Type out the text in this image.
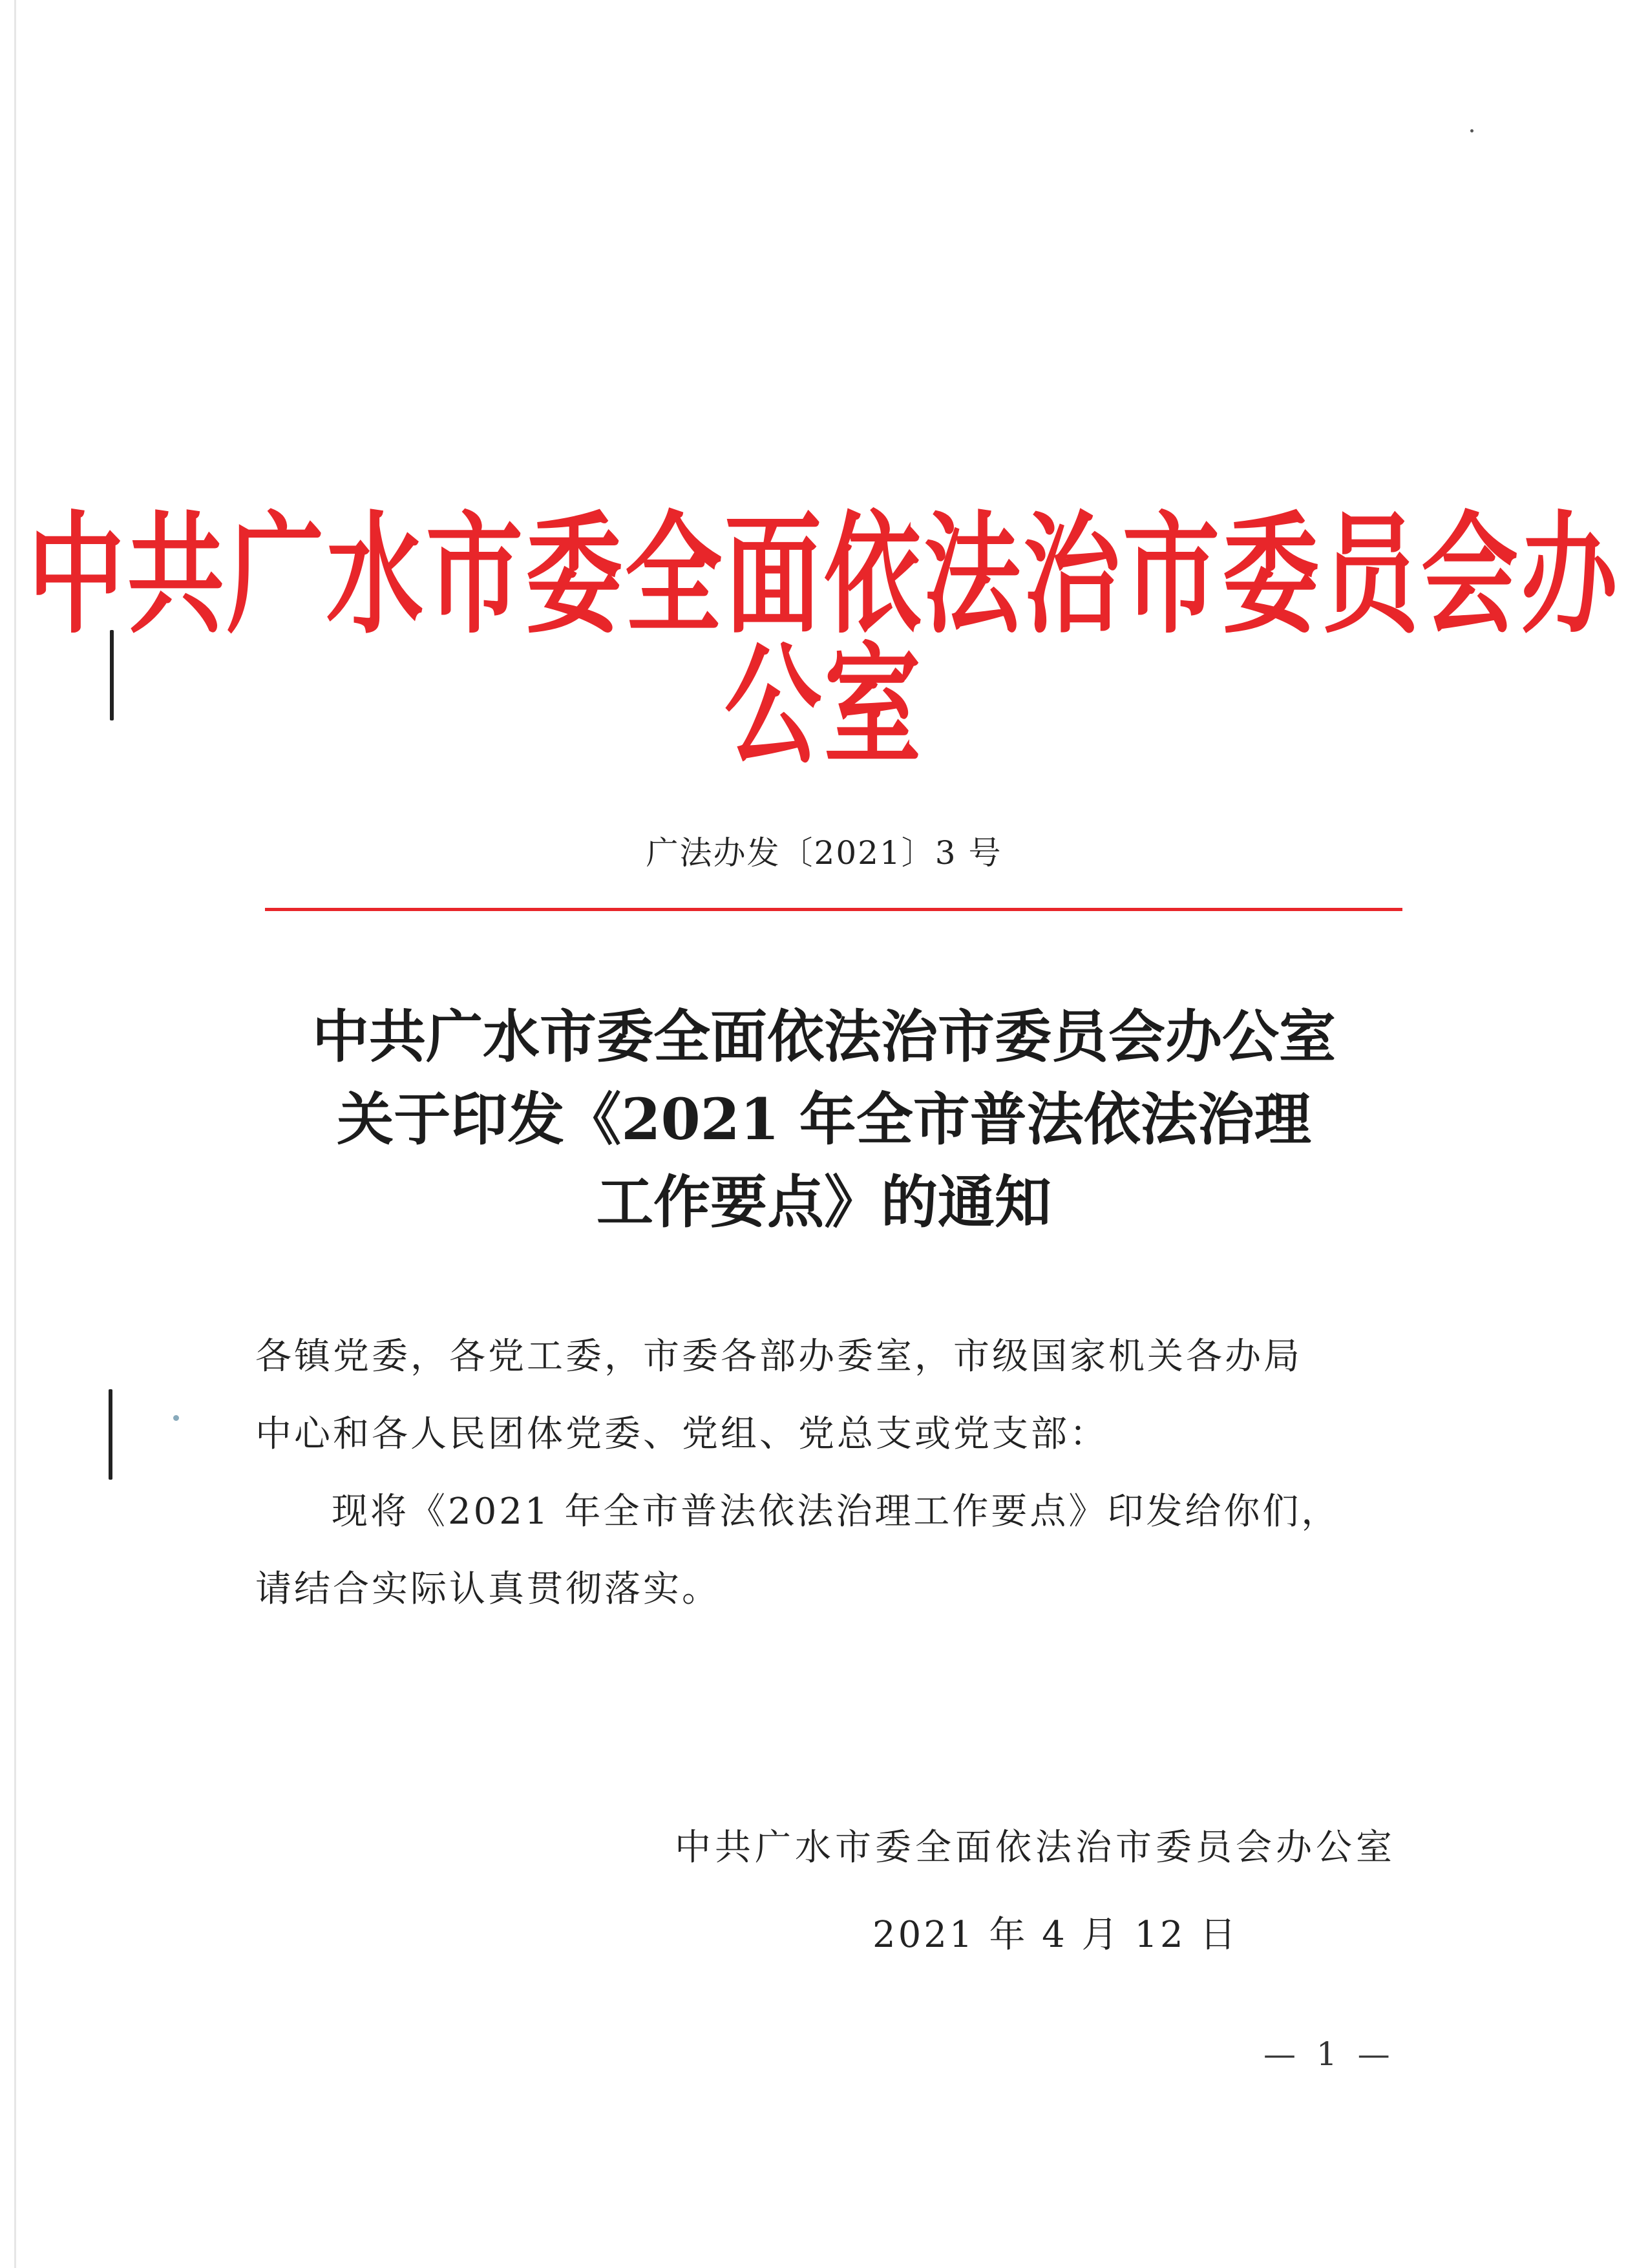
中共广水市委全面依法治市委员会办公室
广法办发〔2021〕3 号
中共广水市委全面依法治市委员会办公室
关于印发《2021 年全市普法依法治理
工作要点》的通知
各镇党委，各党工委，市委各部办委室，市级国家机关各办局
中心和各人民团体党委、党组、党总支或党支部：
现将《2021 年全市普法依法治理工作要点》印发给你们，
请结合实际认真贯彻落实。
中共广水市委全面依法治市委员会办公室
2021 年 4 月 12 日
— 1 —
